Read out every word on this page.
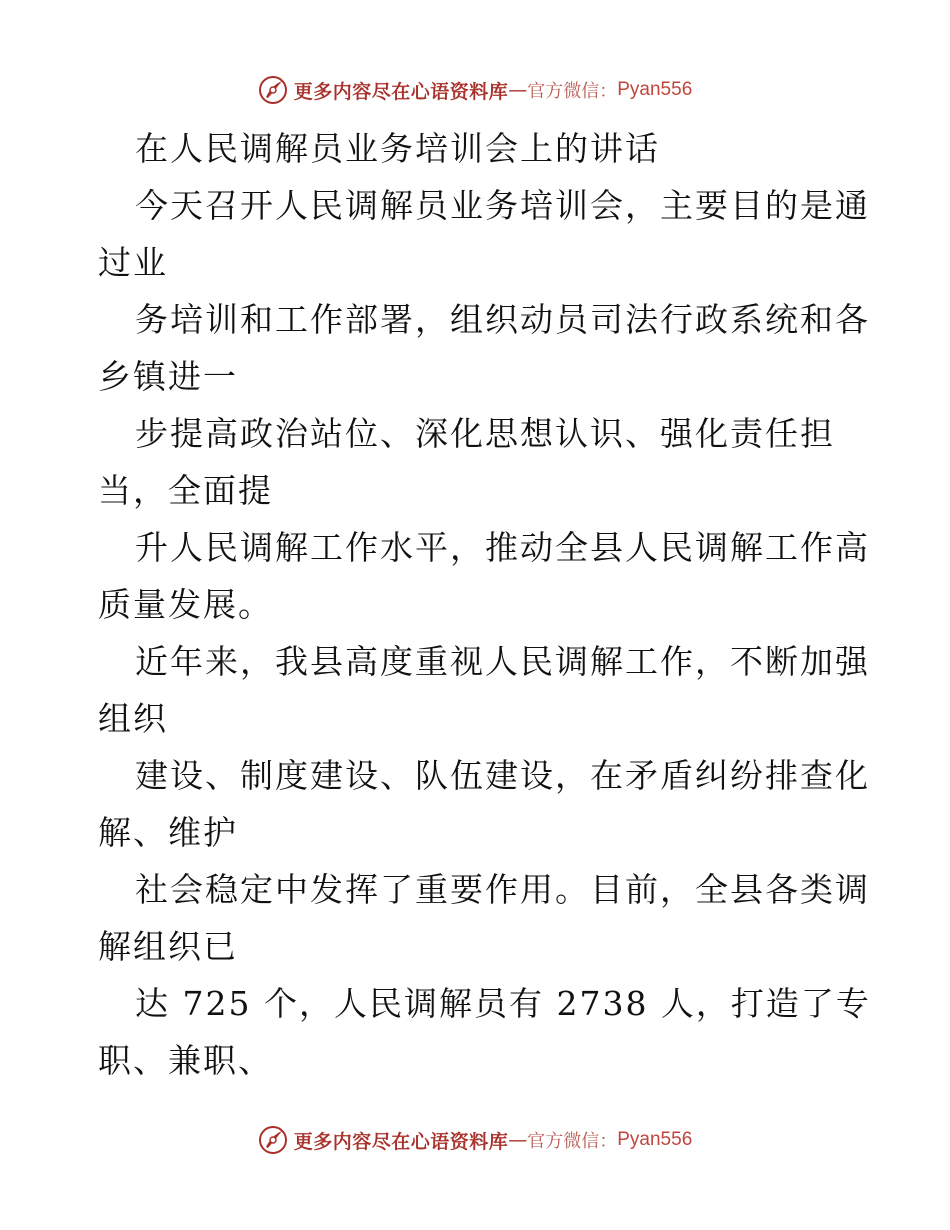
更多内容尽在心语资料库 — 官方微信： Pyan556
在人民调解员业务培训会上的讲话
今天召开人民调解员业务培训会，主要目的是通
过业
务培训和工作部署，组织动员司法行政系统和各
乡镇进一
步提高政治站位、深化思想认识、强化责任担
当，全面提
升人民调解工作水平，推动全县人民调解工作高
质量发展。
近年来，我县高度重视人民调解工作，不断加强
组织
建设、制度建设、队伍建设，在矛盾纠纷排查化
解、维护
社会稳定中发挥了重要作用。目前，全县各类调
解组织已
达 725 个，人民调解员有 2738 人，打造了专
职、兼职、
更多内容尽在心语资料库 — 官方微信： Pyan556
